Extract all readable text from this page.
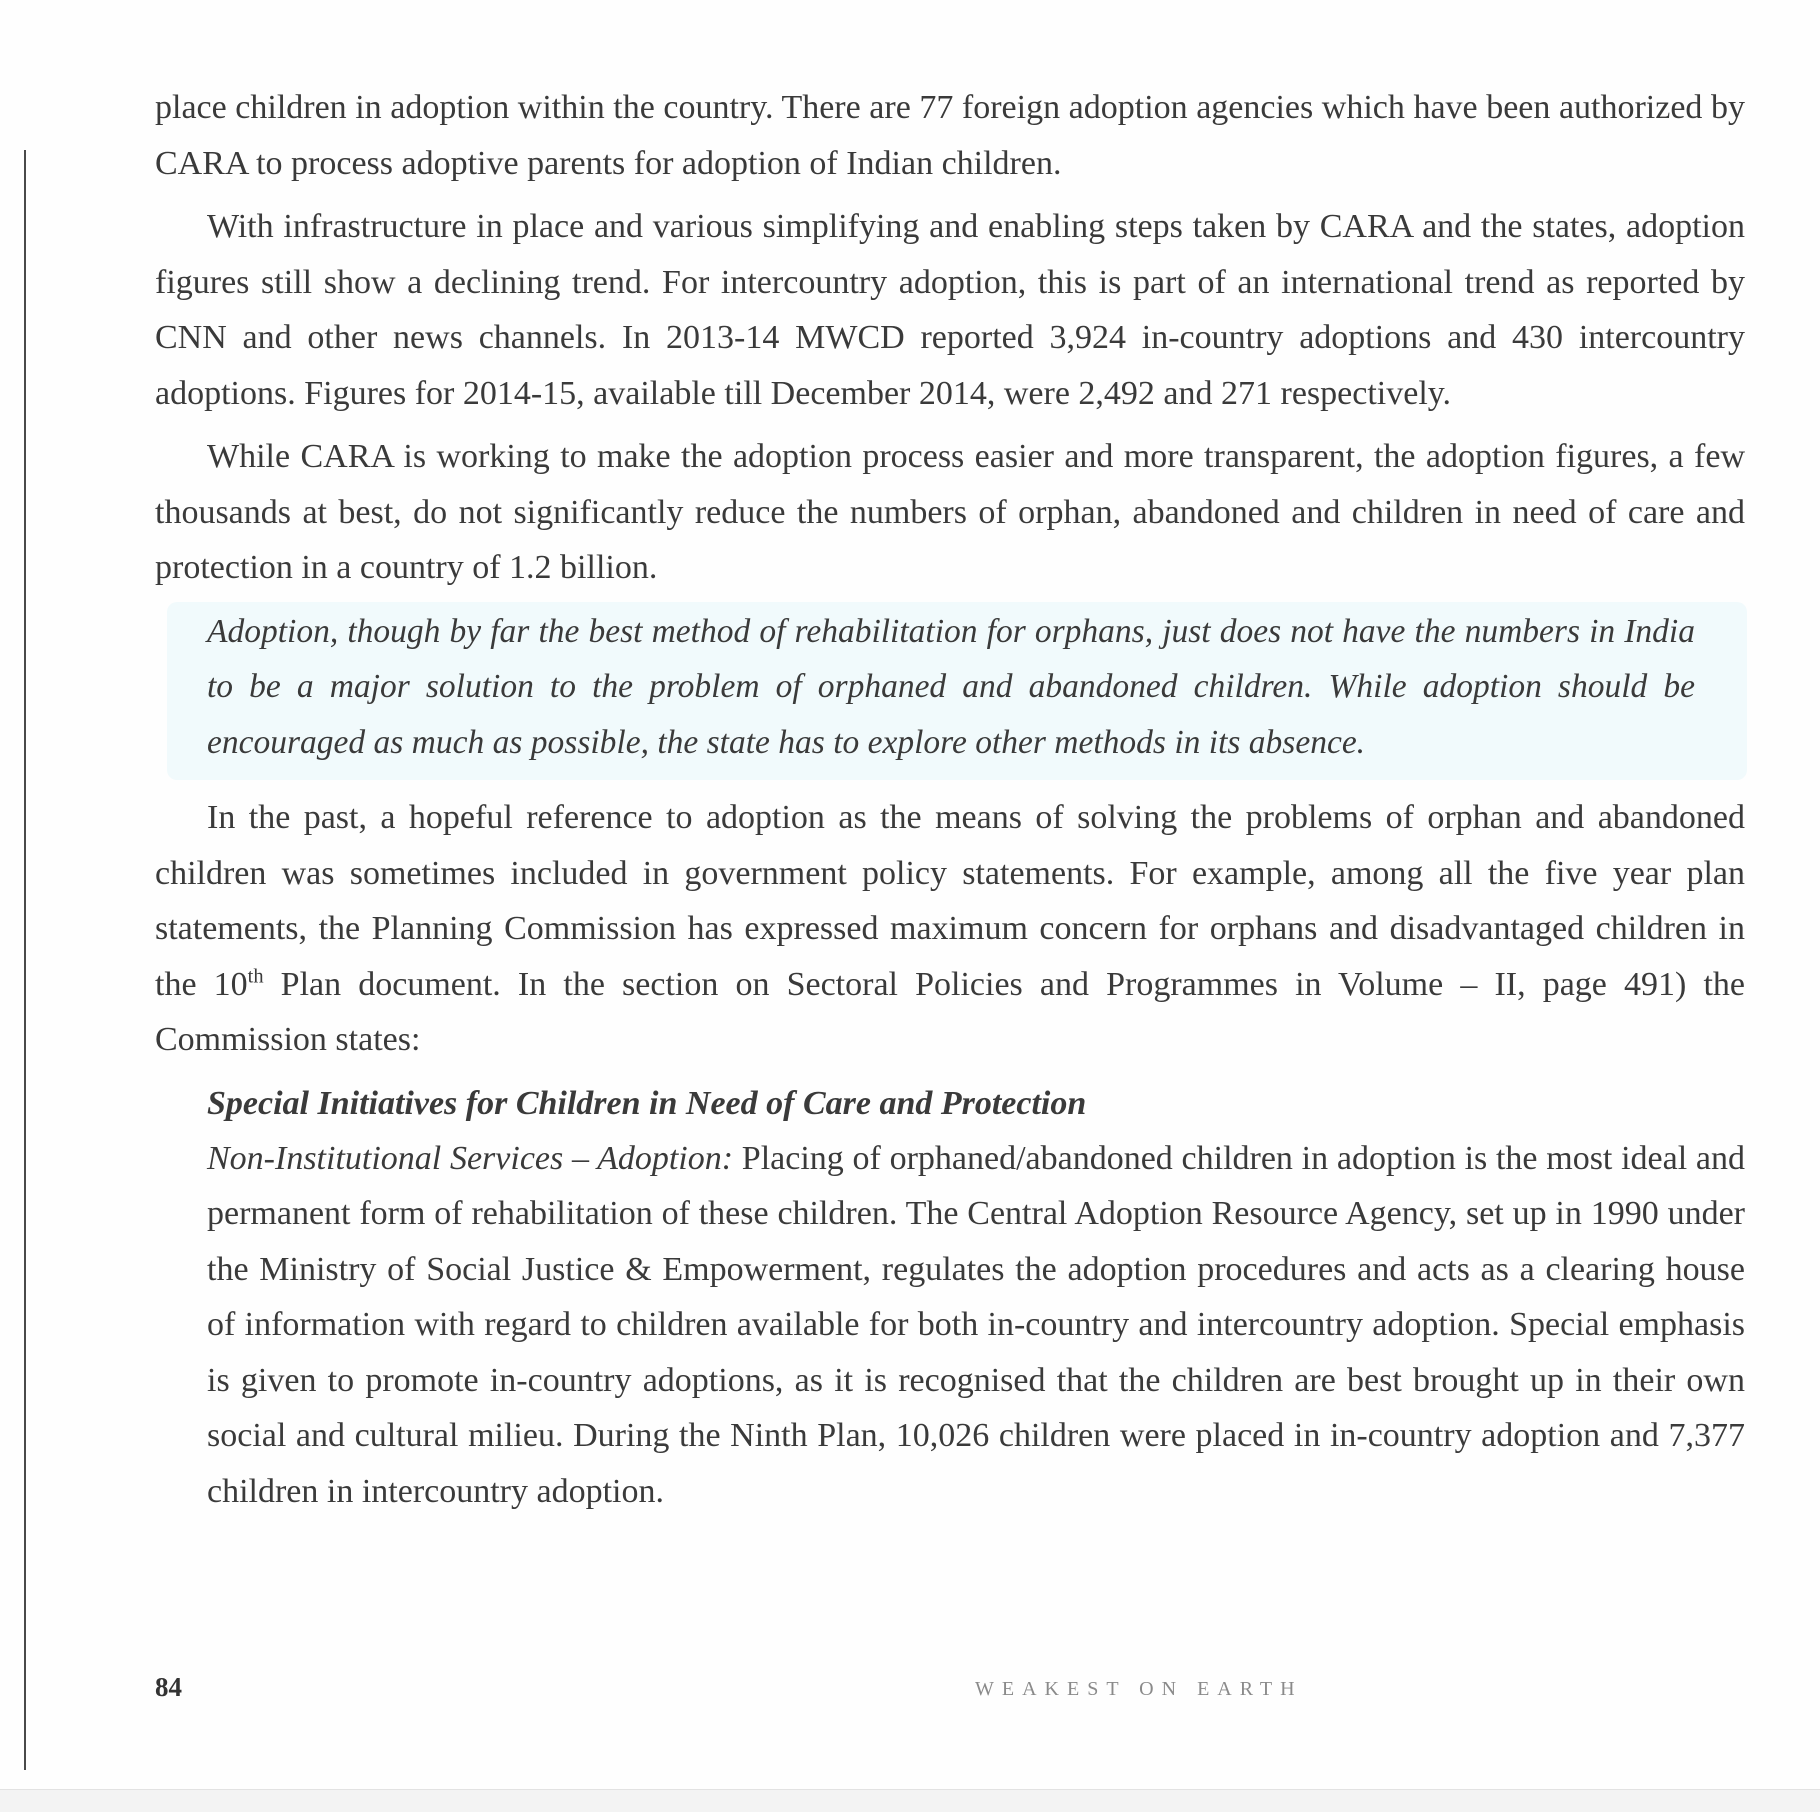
place children in adoption within the country. There are 77 foreign adoption agencies which have been authorized by CARA to process adoptive parents for adoption of Indian children.

With infrastructure in place and various simplifying and enabling steps taken by CARA and the states, adoption figures still show a declining trend. For intercountry adoption, this is part of an international trend as reported by CNN and other news channels. In 2013-14 MWCD reported 3,924 in-country adoptions and 430 intercountry adoptions. Figures for 2014-15, available till December 2014, were 2,492 and 271 respectively.

While CARA is working to make the adoption process easier and more transparent, the adoption figures, a few thousands at best, do not significantly reduce the numbers of orphan, abandoned and children in need of care and protection in a country of 1.2 billion.

Adoption, though by far the best method of rehabilitation for orphans, just does not have the numbers in India to be a major solution to the problem of orphaned and abandoned children. While adoption should be encouraged as much as possible, the state has to explore other methods in its absence.

In the past, a hopeful reference to adoption as the means of solving the problems of orphan and abandoned children was sometimes included in government policy statements. For example, among all the five year plan statements, the Planning Commission has expressed maximum concern for orphans and disadvantaged children in the 10th Plan document. In the section on Sectoral Policies and Programmes in Volume – II, page 491) the Commission states:

Special Initiatives for Children in Need of Care and Protection

Non-Institutional Services – Adoption: Placing of orphaned/abandoned children in adoption is the most ideal and permanent form of rehabilitation of these children. The Central Adoption Resource Agency, set up in 1990 under the Ministry of Social Justice & Empowerment, regulates the adoption procedures and acts as a clearing house of information with regard to children available for both in-country and intercountry adoption. Special emphasis is given to promote in-country adoptions, as it is recognised that the children are best brought up in their own social and cultural milieu. During the Ninth Plan, 10,026 children were placed in in-country adoption and 7,377 children in intercountry adoption.

84	WEAKEST ON EARTH
